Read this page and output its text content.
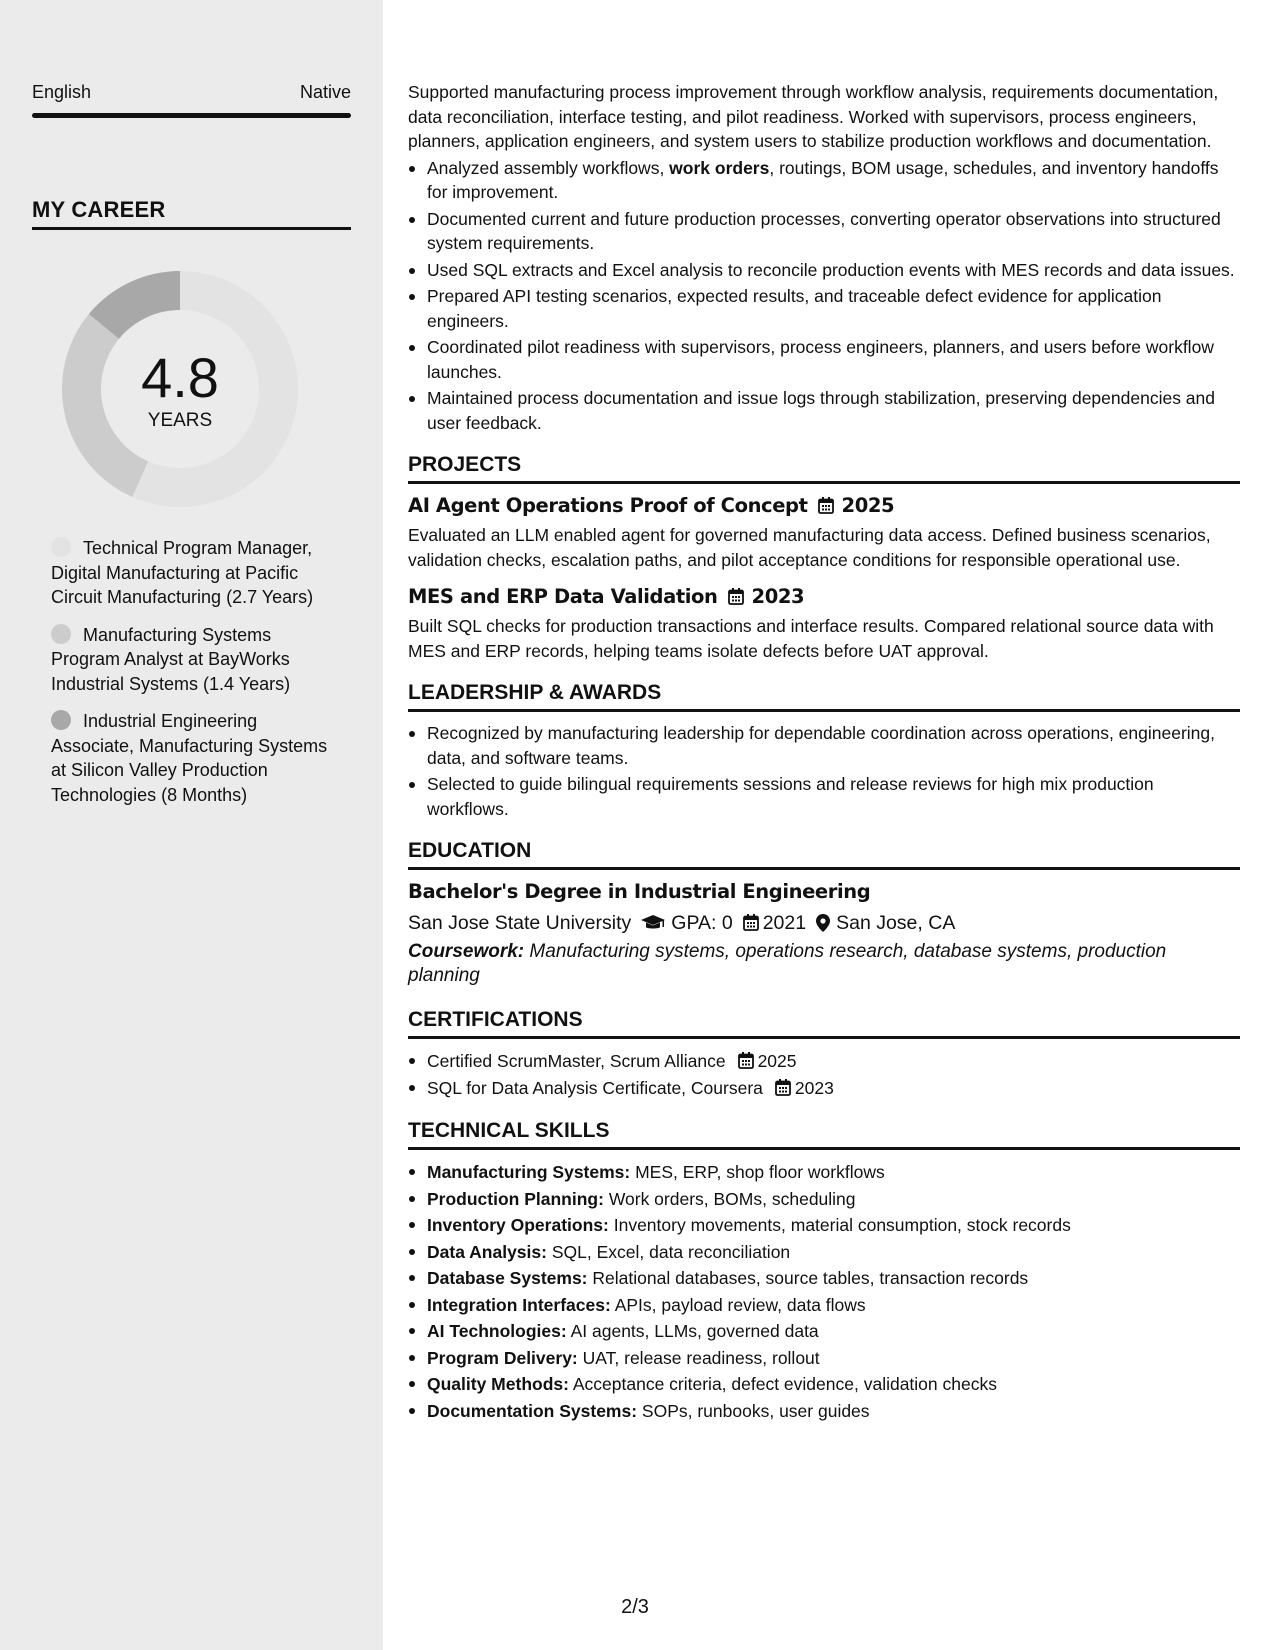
English	Native
MY CAREER
4.8
YEARS
Technical Program Manager, Digital Manufacturing at Pacific Circuit Manufacturing (2.7 Years)
Manufacturing Systems Program Analyst at BayWorks Industrial Systems (1.4 Years)
Industrial Engineering Associate, Manufacturing Systems at Silicon Valley Production Technologies (8 Months)
Supported manufacturing process improvement through workflow analysis, requirements documentation, data reconciliation, interface testing, and pilot readiness. Worked with supervisors, process engineers, planners, application engineers, and system users to stabilize production workflows and documentation.
Analyzed assembly workflows, work orders, routings, BOM usage, schedules, and inventory handoffs for improvement.
Documented current and future production processes, converting operator observations into structured system requirements.
Used SQL extracts and Excel analysis to reconcile production events with MES records and data issues.
Prepared API testing scenarios, expected results, and traceable defect evidence for application engineers.
Coordinated pilot readiness with supervisors, process engineers, planners, and users before workflow launches.
Maintained process documentation and issue logs through stabilization, preserving dependencies and user feedback.
PROJECTS
AI Agent Operations Proof of Concept 2025
Evaluated an LLM enabled agent for governed manufacturing data access. Defined business scenarios, validation checks, escalation paths, and pilot acceptance conditions for responsible operational use.
MES and ERP Data Validation 2023
Built SQL checks for production transactions and interface results. Compared relational source data with MES and ERP records, helping teams isolate defects before UAT approval.
LEADERSHIP & AWARDS
Recognized by manufacturing leadership for dependable coordination across operations, engineering, data, and software teams.
Selected to guide bilingual requirements sessions and release reviews for high mix production workflows.
EDUCATION
Bachelor's Degree in Industrial Engineering
San Jose State University GPA: 0 2021 San Jose, CA
Coursework: Manufacturing systems, operations research, database systems, production planning
CERTIFICATIONS
Certified ScrumMaster, Scrum Alliance 2025
SQL for Data Analysis Certificate, Coursera 2023
TECHNICAL SKILLS
Manufacturing Systems: MES, ERP, shop floor workflows
Production Planning: Work orders, BOMs, scheduling
Inventory Operations: Inventory movements, material consumption, stock records
Data Analysis: SQL, Excel, data reconciliation
Database Systems: Relational databases, source tables, transaction records
Integration Interfaces: APIs, payload review, data flows
AI Technologies: AI agents, LLMs, governed data
Program Delivery: UAT, release readiness, rollout
Quality Methods: Acceptance criteria, defect evidence, validation checks
Documentation Systems: SOPs, runbooks, user guides
2/3
